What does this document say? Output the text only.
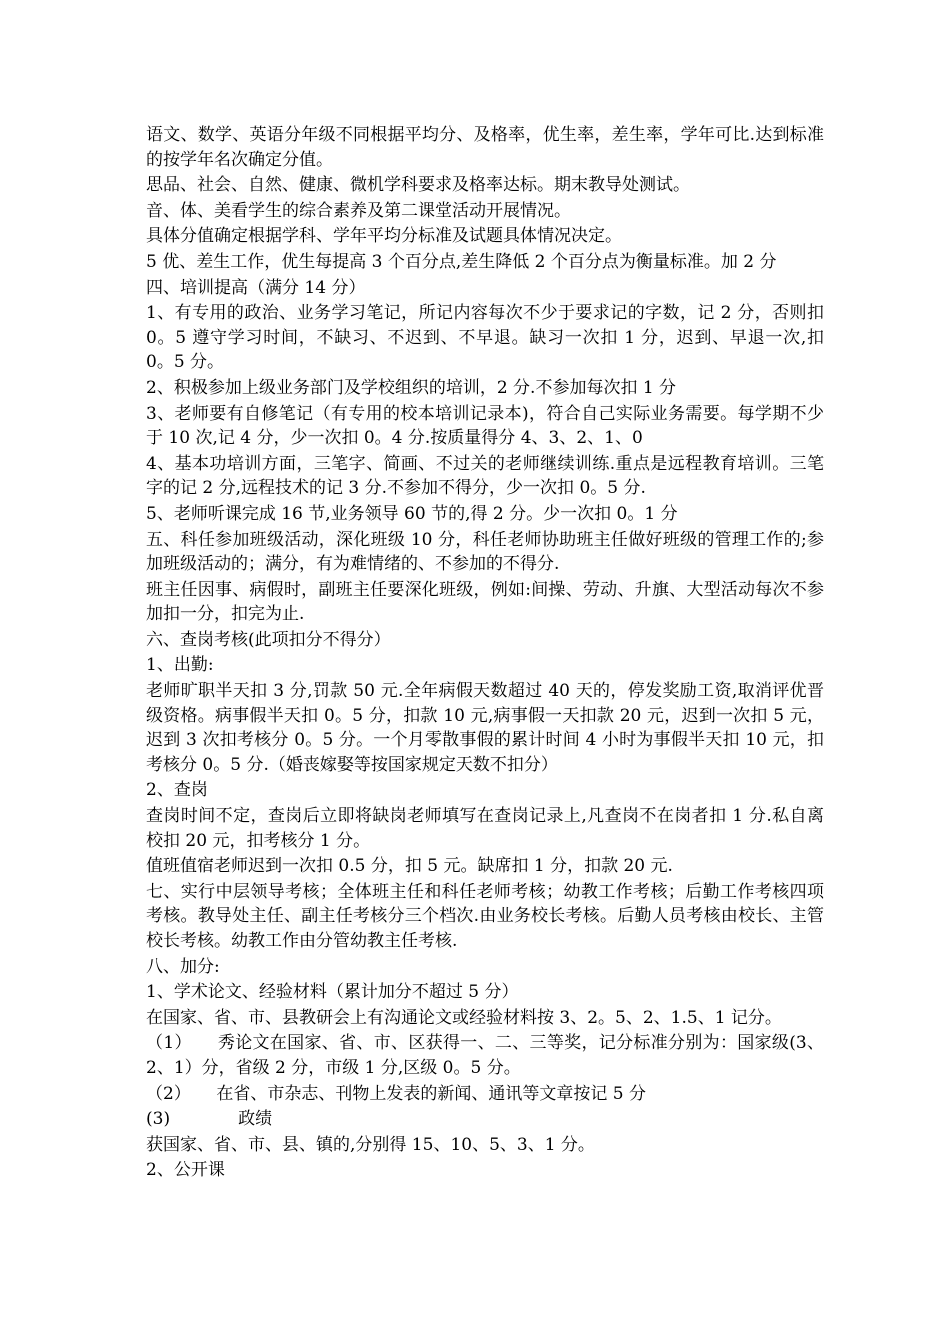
语文、数学、英语分年级不同根据平均分、及格率，优生率，差生率，学年可比.达到标准的按学年名次确定分值。

思品、社会、自然、健康、微机学科要求及格率达标。期末教导处测试。

音、体、美看学生的综合素养及第二课堂活动开展情况。

具体分值确定根据学科、学年平均分标准及试题具体情况决定。

5 优、差生工作，优生每提高 3 个百分点,差生降低 2 个百分点为衡量标准。加 2 分

四、培训提高（满分 14 分）

1、有专用的政治、业务学习笔记，所记内容每次不少于要求记的字数，记 2 分，否则扣 0。5 遵守学习时间，不缺习、不迟到、不早退。缺习一次扣 1 分，迟到、早退一次,扣 0。5 分。

2、积极参加上级业务部门及学校组织的培训，2 分.不参加每次扣 1 分

3、老师要有自修笔记（有专用的校本培训记录本)，符合自己实际业务需要。每学期不少于 10 次,记 4 分，少一次扣 0。4 分.按质量得分 4、3、2、1、0

4、基本功培训方面，三笔字、简画、不过关的老师继续训练.重点是远程教育培训。三笔字的记 2 分,远程技术的记 3 分.不参加不得分，少一次扣 0。5 分.

5、老师听课完成 16 节,业务领导 60 节的,得 2 分。少一次扣 0。1 分

五、科任参加班级活动，深化班级 10 分，科任老师协助班主任做好班级的管理工作的;参加班级活动的；满分，有为难情绪的、不参加的不得分.

班主任因事、病假时，副班主任要深化班级，例如:间操、劳动、升旗、大型活动每次不参加扣一分，扣完为止.

六、查岗考核(此项扣分不得分）

1、出勤:

老师旷职半天扣 3 分,罚款 50 元.全年病假天数超过 40 天的，停发奖励工资,取消评优晋级资格。病事假半天扣 0。5 分，扣款 10 元,病事假一天扣款 20 元，迟到一次扣 5 元，迟到 3 次扣考核分 0。5 分。一个月零散事假的累计时间 4 小时为事假半天扣 10 元，扣考核分 0。5 分.（婚丧嫁娶等按国家规定天数不扣分）

2、查岗

查岗时间不定，查岗后立即将缺岗老师填写在查岗记录上,凡查岗不在岗者扣 1 分.私自离校扣 20 元，扣考核分 1 分。

值班值宿老师迟到一次扣 0.5 分，扣 5 元。缺席扣 1 分，扣款 20 元.

七、实行中层领导考核；全体班主任和科任老师考核；幼教工作考核；后勤工作考核四项考核。教导处主任、副主任考核分三个档次.由业务校长考核。后勤人员考核由校长、主管校长考核。幼教工作由分管幼教主任考核.

八、加分:

1、学术论文、经验材料（累计加分不超过 5 分）

在国家、省、市、县教研会上有沟通论文或经验材料按 3、2。5、2、1.5、1 记分。

（1）　　秀论文在国家、省、市、区获得一、二、三等奖，记分标准分别为：国家级(3、2、1）分，省级 2 分，市级 1 分,区级 0。5 分。

（2）　　在省、市杂志、刊物上发表的新闻、通讯等文章按记 5 分

(3)　　　　政绩

获国家、省、市、县、镇的,分别得 15、10、5、3、1 分。

2、公开课
